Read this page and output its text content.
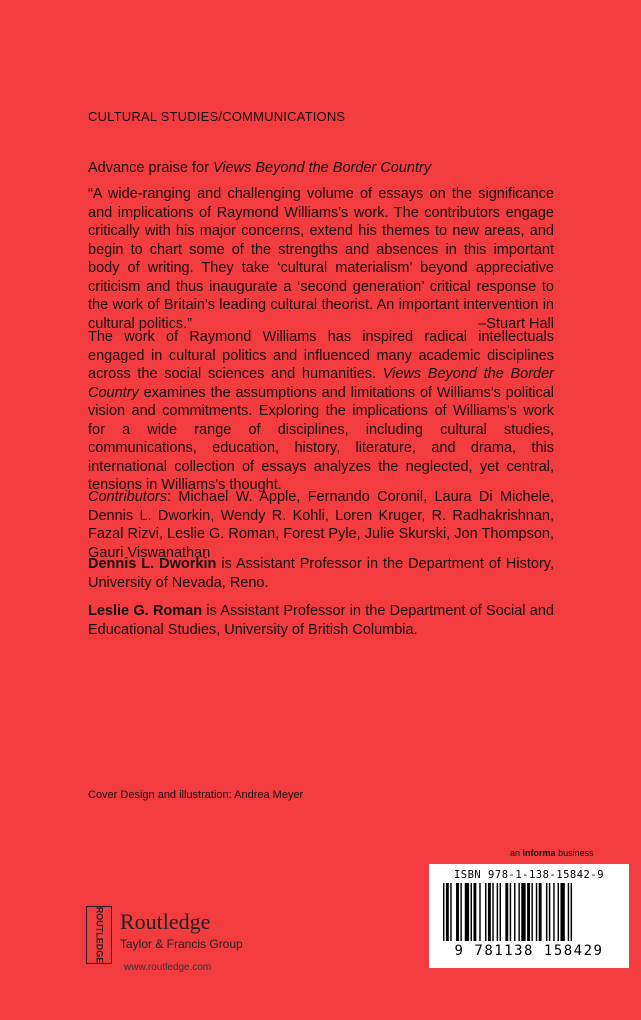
CULTURAL STUDIES/COMMUNICATIONS
Advance praise for Views Beyond the Border Country
“A wide-ranging and challenging volume of essays on the significance and implications of Raymond Williams's work. The contributors engage critically with his major concerns, extend his themes to new areas, and begin to chart some of the strengths and absences in this important body of writing. They take ‘cultural materialism’ beyond appreciative criticism and thus inaugurate a ‘second generation’ critical response to the work of Britain's leading cultural theorist. An important intervention in cultural politics.”	–Stuart Hall
The work of Raymond Williams has inspired radical intellectuals engaged in cultural politics and influenced many academic disciplines across the social sciences and humanities. Views Beyond the Border Country examines the assumptions and limitations of Williams's political vision and commitments. Exploring the implications of Williams's work for a wide range of disciplines, including cultural studies, communications, education, history, literature, and drama, this international collection of essays analyzes the neglected, yet central, tensions in Williams's thought.
Contributors: Michael W. Apple, Fernando Coronil, Laura Di Michele, Dennis L. Dworkin, Wendy R. Kohli, Loren Kruger, R. Radhakrishnan, Fazal Rizvi, Leslie G. Roman, Forest Pyle, Julie Skurski, Jon Thompson, Gauri Viswanathan
Dennis L. Dworkin is Assistant Professor in the Department of History, University of Nevada, Reno.
Leslie G. Roman is Assistant Professor in the Department of Social and Educational Studies, University of British Columbia.
Cover Design and illustration: Andrea Meyer
an informa business
ISBN 978-1-138-15842-9
9 781138 158429
ROUTLEDGE Routledge
Taylor & Francis Group
www.routledge.com
